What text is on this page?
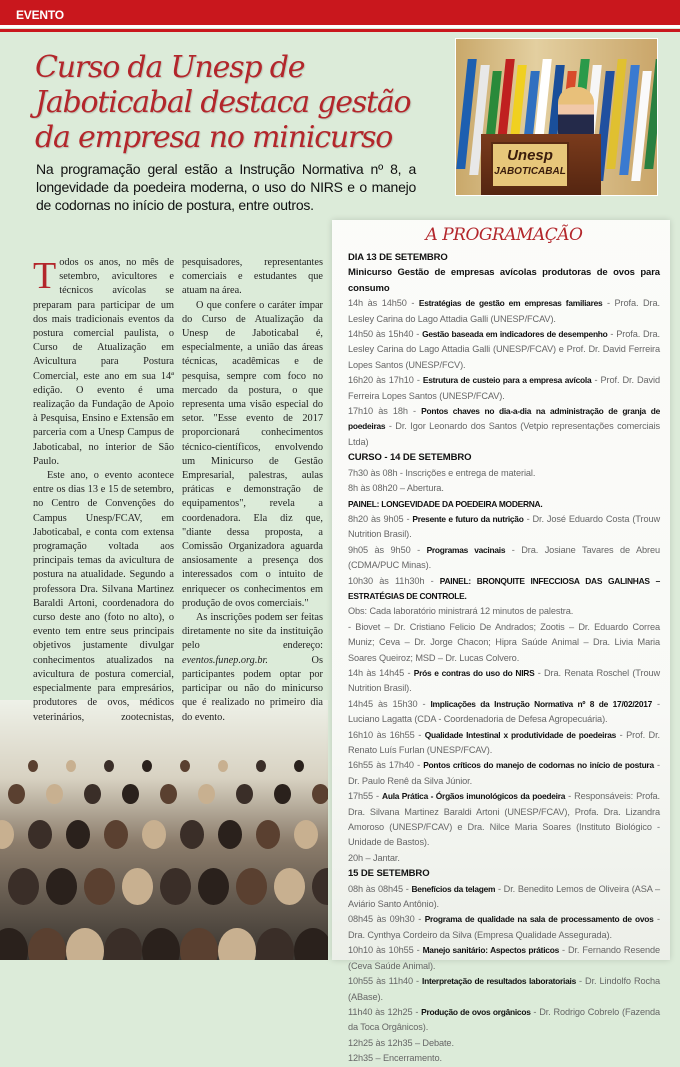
EVENTO
Curso da Unesp de Jaboticabal destaca gestão da empresa no minicurso

Na programação geral estão a Instrução Normativa nº 8, a longevidade da poedeira moderna, o uso do NIRS e o manejo de codornas no início de postura, entre outros.

Unesp
JABOTICABAL

Todos os anos, no mês de setembro, avicultores e técnicos avícolas se preparam para participar de um dos mais tradicionais eventos da postura comercial paulista, o Curso de Atualização em Avicultura para Postura Comercial, este ano em sua 14ª edição. O evento é uma realização da Fundação de Apoio à Pesquisa, Ensino e Extensão em parceria com a Unesp Campus de Jaboticabal, no interior de São Paulo.

Este ano, o evento acontece entre os dias 13 e 15 de setembro, no Centro de Convenções do Campus Unesp/FCAV, em Jaboticabal, e conta com extensa programação voltada aos principais temas da avicultura de postura na atualidade. Segundo a professora Dra. Silvana Martinez Baraldi Artoni, coordenadora do curso deste ano (foto no alto), o evento tem entre seus principais objetivos justamente divulgar conhecimentos atualizados na avicultura de postura comercial, especialmente para empresários, produtores de ovos, médicos veterinários, zootecnistas, pesquisadores, representantes comerciais e estudantes que atuam na área.

O que confere o caráter ímpar do Curso de Atualização da Unesp de Jaboticabal é, especialmente, a união das áreas técnicas, acadêmicas e de pesquisa, sempre com foco no mercado da postura, o que representa uma visão especial do setor. "Esse evento de 2017 proporcionará conhecimentos técnico-científicos, envolvendo um Minicurso de Gestão Empresarial, palestras, aulas práticas e demonstração de equipamentos", revela a coordenadora. Ela diz que, "diante dessa proposta, a Comissão Organizadora aguarda ansiosamente a presença dos interessados com o intuito de enriquecer os conhecimentos em produção de ovos comerciais."

As inscrições podem ser feitas diretamente no site da instituição pelo endereço: eventos.funep.org.br. Os participantes podem optar por participar ou não do minicurso que é realizado no primeiro dia do evento.

A PROGRAMAÇÃO
DIA 13 DE SETEMBRO
Minicurso Gestão de empresas avícolas produtoras de ovos para consumo
14h às 14h50 - Estratégias de gestão em empresas familiares - Profa. Dra. Lesley Carina do Lago Attadia Galli (UNESP/FCAV).
14h50 às 15h40 - Gestão baseada em indicadores de desempenho - Profa. Dra. Lesley Carina do Lago Attadia Galli (UNESP/FCAV) e Prof. Dr. David Ferreira Lopes Santos (UNESP/FCV).
16h20 às 17h10 - Estrutura de custeio para a empresa avícola - Prof. Dr. David Ferreira Lopes Santos (UNESP/FCAV).
17h10 às 18h - Pontos chaves no dia-a-dia na administração de granja de poedeiras - Dr. Igor Leonardo dos Santos (Vetpio representações comerciais Ltda)
CURSO - 14 DE SETEMBRO
7h30 às 08h - Inscrições e entrega de material.
8h às 08h20 – Abertura.
PAINEL: LONGEVIDADE DA POEDEIRA MODERNA.
8h20 às 9h05 - Presente e futuro da nutrição - Dr. José Eduardo Costa (Trouw Nutrition Brasil).
9h05 às 9h50 - Programas vacinais - Dra. Josiane Tavares de Abreu (CDMA/PUC Minas).
10h30 às 11h30h - PAINEL: BRONQUITE INFECCIOSA DAS GALINHAS – ESTRATÉGIAS DE CONTROLE.
Obs: Cada laboratório ministrará 12 minutos de palestra.
- Biovet – Dr. Cristiano Felicio De Andrados; Zootis – Dr. Eduardo Correa Muniz; Ceva – Dr. Jorge Chacon; Hipra Saúde Animal – Dra. Livia Maria Soares Queiroz; MSD – Dr. Lucas Colvero.
14h às 14h45 - Prós e contras do uso do NIRS - Dra. Renata Roschel (Trouw Nutrition Brasil).
14h45 às 15h30 - Implicações da Instrução Normativa nº 8 de 17/02/2017 - Luciano Lagatta (CDA - Coordenadoria de Defesa Agropecuária).
16h10 às 16h55 - Qualidade Intestinal x produtividade de poedeiras - Prof. Dr. Renato Luís Furlan (UNESP/FCAV).
16h55 às 17h40 - Pontos críticos do manejo de codornas no início de postura - Dr. Paulo Renê da Silva Júnior.
17h55 - Aula Prática - Órgãos imunológicos da poedeira - Responsáveis: Profa. Dra. Silvana Martinez Baraldi Artoni (UNESP/FCAV), Profa. Dra. Lizandra Amoroso (UNESP/FCAV) e Dra. Nilce Maria Soares (Instituto Biológico - Unidade de Bastos).
20h – Jantar.
15 DE SETEMBRO
08h às 08h45 - Benefícios da telagem - Dr. Benedito Lemos de Oliveira (ASA – Aviário Santo Antônio).
08h45 às 09h30 - Programa de qualidade na sala de processamento de ovos - Dra. Cynthya Cordeiro da Silva (Empresa Qualidade Assegurada).
10h10 às 10h55 - Manejo sanitário: Aspectos práticos - Dr. Fernando Resende (Ceva Saúde Animal).
10h55 às 11h40 - Interpretação de resultados laboratoriais - Dr. Lindolfo Rocha (ABase).
11h40 às 12h25 - Produção de ovos orgânicos - Dr. Rodrigo Cobrelo (Fazenda da Toca Orgânicos).
12h25 às 12h35 – Debate.
12h35 – Encerramento.
